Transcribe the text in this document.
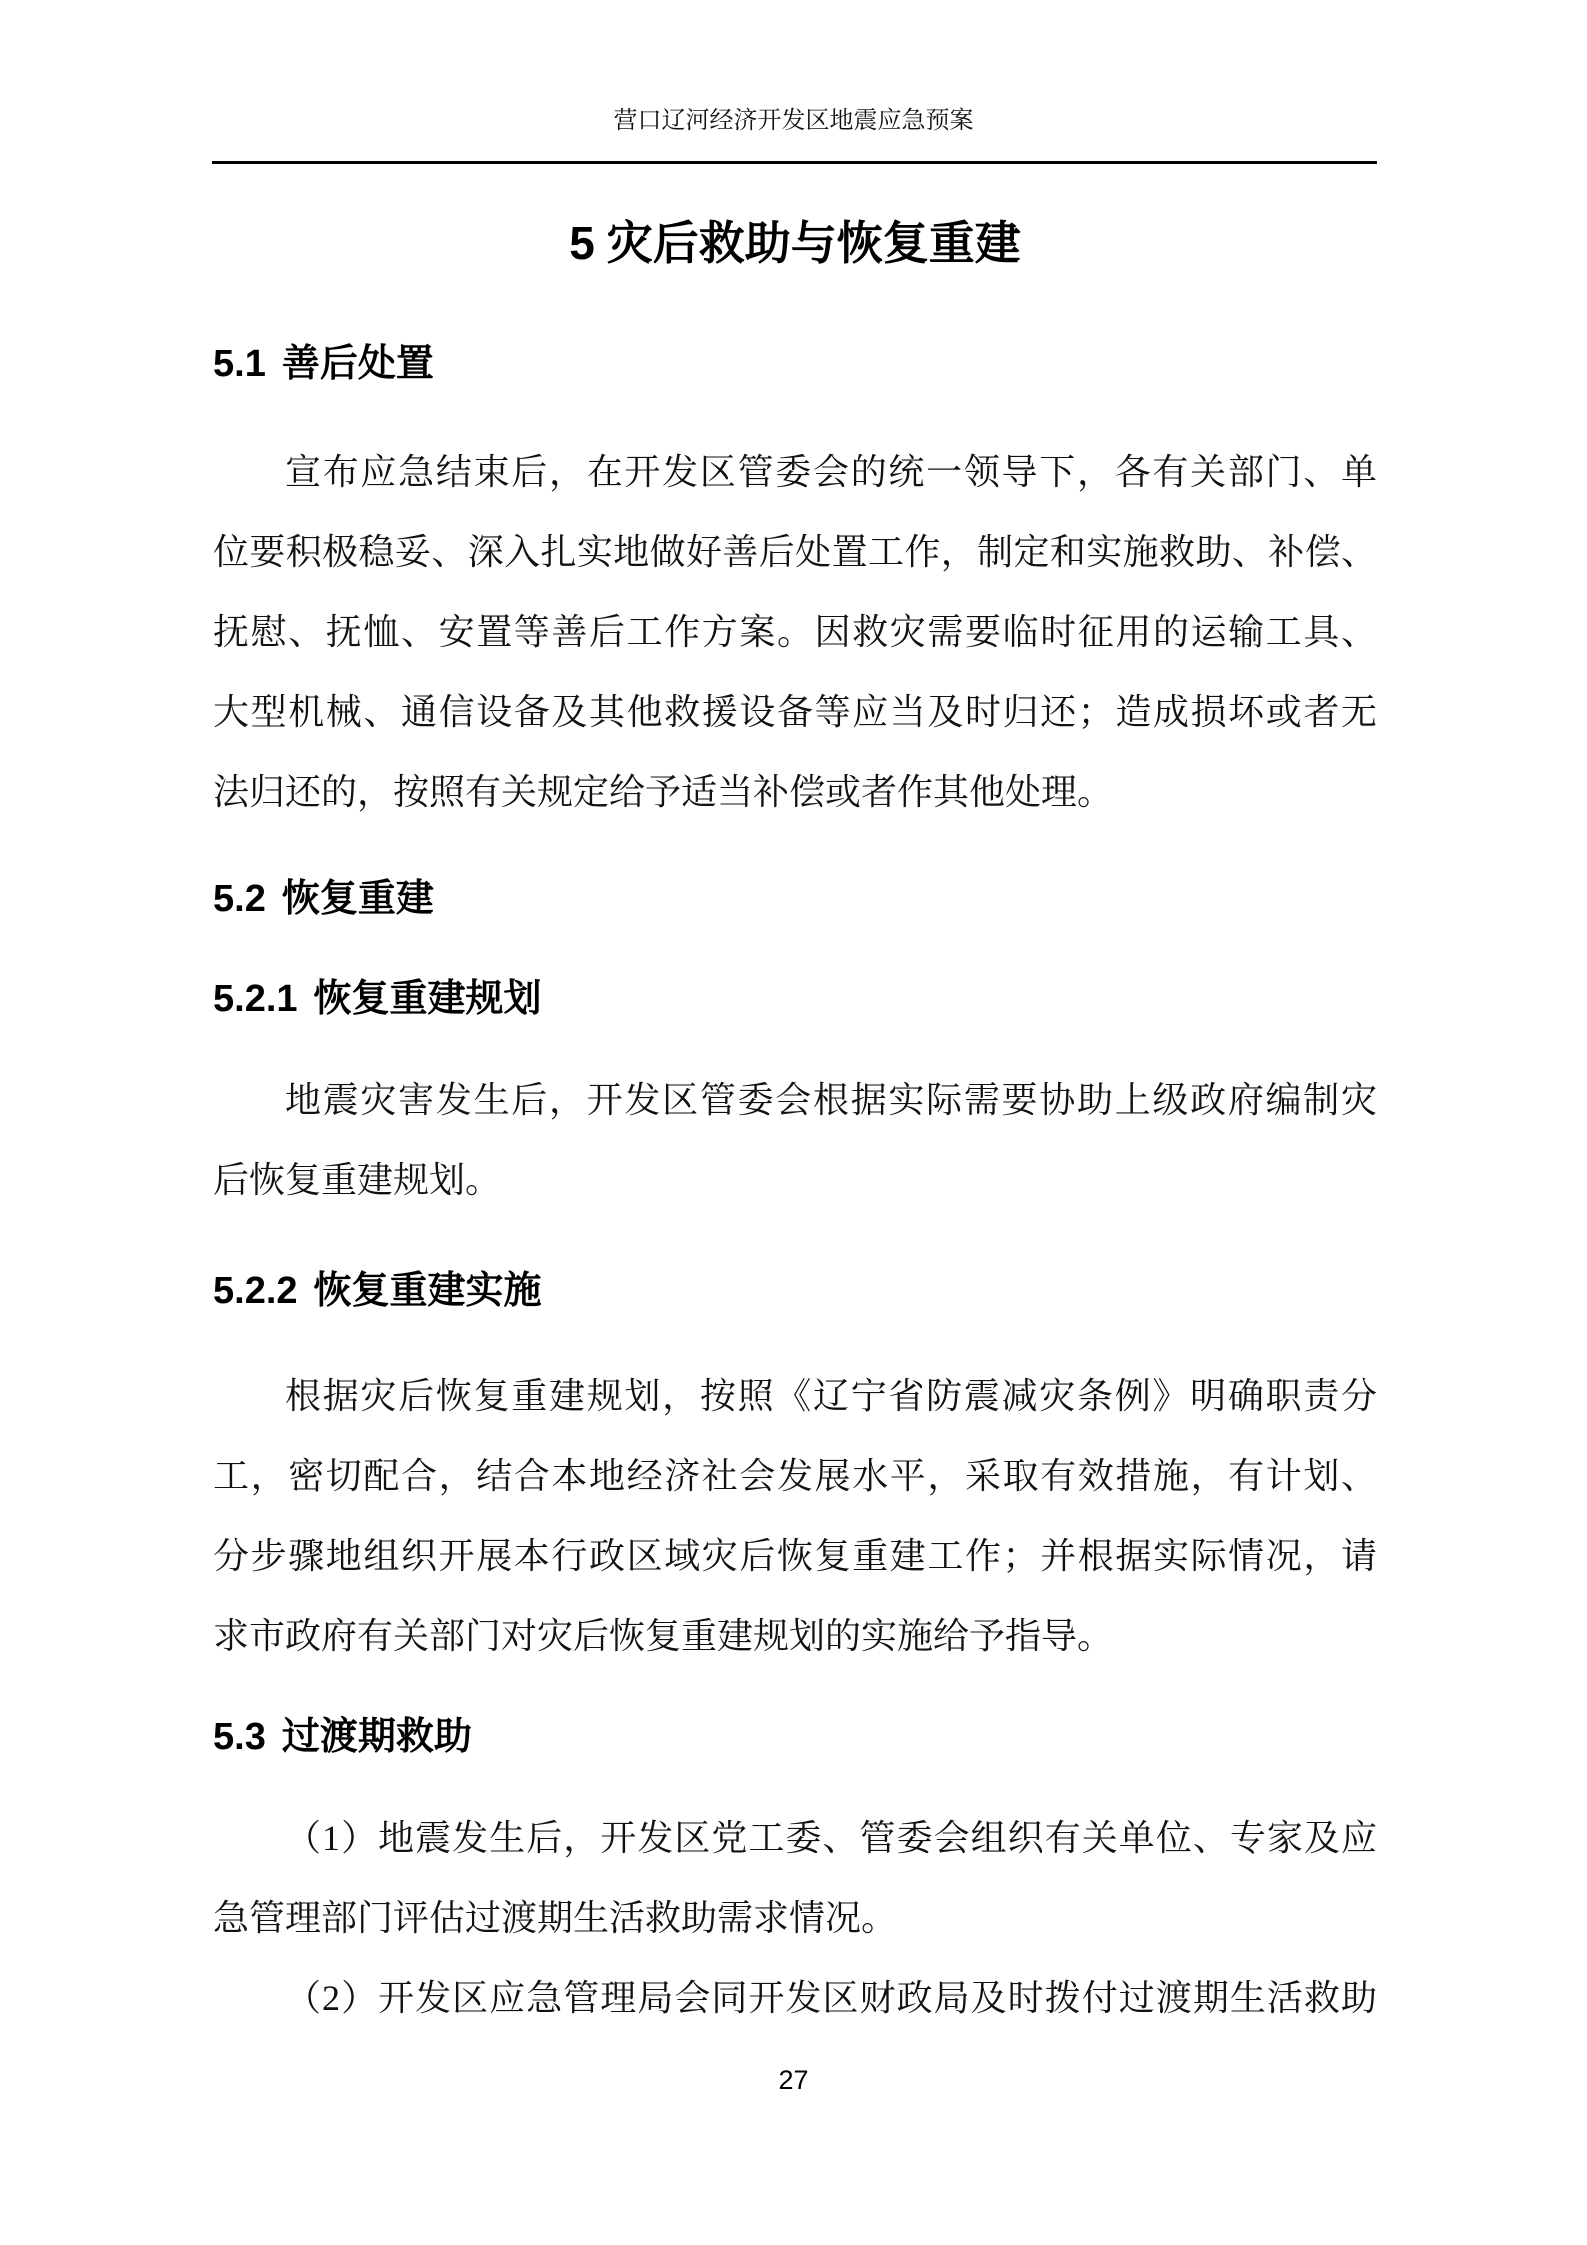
营口辽河经济开发区地震应急预案
5 灾后救助与恢复重建
5.1 善后处置
宣布应急结束后，在开发区管委会的统一领导下，各有关部门、单
位要积极稳妥、深入扎实地做好善后处置工作，制定和实施救助、补偿、
抚慰、抚恤、安置等善后工作方案。因救灾需要临时征用的运输工具、
大型机械、通信设备及其他救援设备等应当及时归还；造成损坏或者无
法归还的，按照有关规定给予适当补偿或者作其他处理。
5.2 恢复重建
5.2.1 恢复重建规划
地震灾害发生后，开发区管委会根据实际需要协助上级政府编制灾
后恢复重建规划。
5.2.2 恢复重建实施
根据灾后恢复重建规划，按照《辽宁省防震减灾条例》明确职责分
工，密切配合，结合本地经济社会发展水平，采取有效措施，有计划、
分步骤地组织开展本行政区域灾后恢复重建工作；并根据实际情况，请
求市政府有关部门对灾后恢复重建规划的实施给予指导。
5.3 过渡期救助
（1）地震发生后，开发区党工委、管委会组织有关单位、专家及应
急管理部门评估过渡期生活救助需求情况。
（2）开发区应急管理局会同开发区财政局及时拨付过渡期生活救助
27
